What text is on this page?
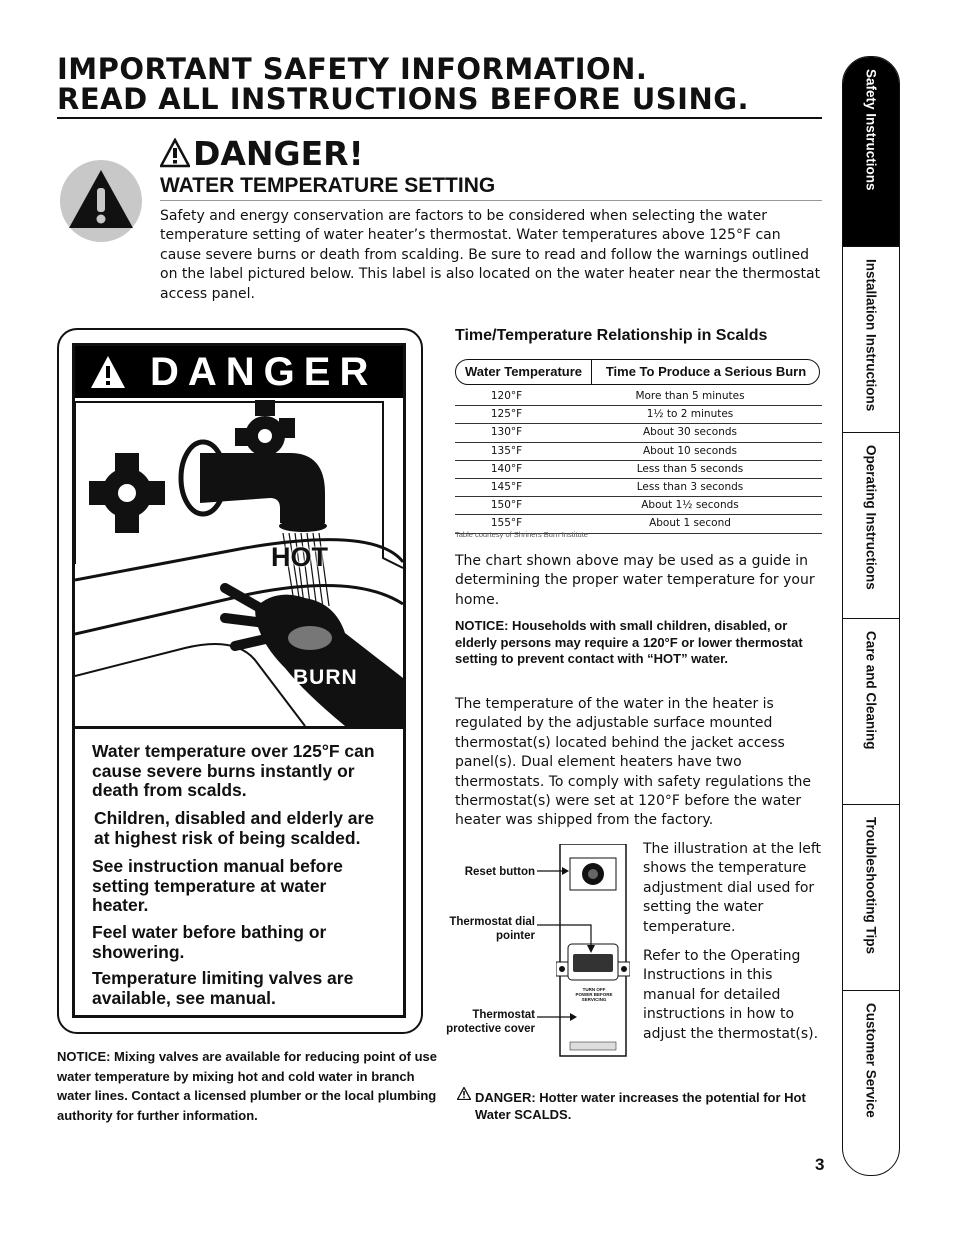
IMPORTANT SAFETY INFORMATION.
READ ALL INSTRUCTIONS BEFORE USING.	Safety Instructions
Installation Instructions
Operating Instructions
Care and Cleaning
Troubleshooting Tips
Customer Service
DANGER!
WATER TEMPERATURE SETTING
Safety and energy conservation are factors to be considered when selecting the water temperature setting of water heater’s thermostat. Water temperatures above 125°F can cause severe burns or death from scalding. Be sure to read and follow the warnings outlined on the label pictured below. This label is also located on the water heater near the thermostat access panel.
DANGER
HOT
BURN
Water temperature over 125°F can cause severe burns instantly or death from scalds.
Children, disabled and elderly are at highest risk of being scalded.
See instruction manual before setting temperature at water heater.
Feel water before bathing or showering.
Temperature limiting valves are available, see manual.
NOTICE: Mixing valves are available for reducing point of use water temperature by mixing hot and cold water in branch water lines. Contact a licensed plumber or the local plumbing authority for further information.
Time/Temperature Relationship in Scalds
Water Temperature	Time To Produce a Serious Burn
120°F	More than 5 minutes
125°F	1½ to 2 minutes
130°F	About 30 seconds
135°F	About 10 seconds
140°F	Less than 5 seconds
145°F	Less than 3 seconds
150°F	About 1½ seconds
155°F	About 1 second
Table courtesy of Shriners Burn Institute
The chart shown above may be used as a guide in determining the proper water temperature for your home.
NOTICE: Households with small children, disabled, or elderly persons may require a 120°F or lower thermostat setting to prevent contact with “HOT” water.
The temperature of the water in the heater is regulated by the adjustable surface mounted thermostat(s) located behind the jacket access panel(s). Dual element heaters have two thermostats. To comply with safety regulations the thermostat(s) were set at 120°F before the water heater was shipped from the factory.
Reset button
Thermostat dial pointer
Thermostat protective cover
TURN OFF POWER BEFORE SERVICING
The illustration at the left shows the temperature adjustment dial used for setting the water temperature.
Refer to the Operating Instructions in this manual for detailed instructions in how to adjust the thermostat(s).
DANGER: Hotter water increases the potential for Hot Water SCALDS.
3
